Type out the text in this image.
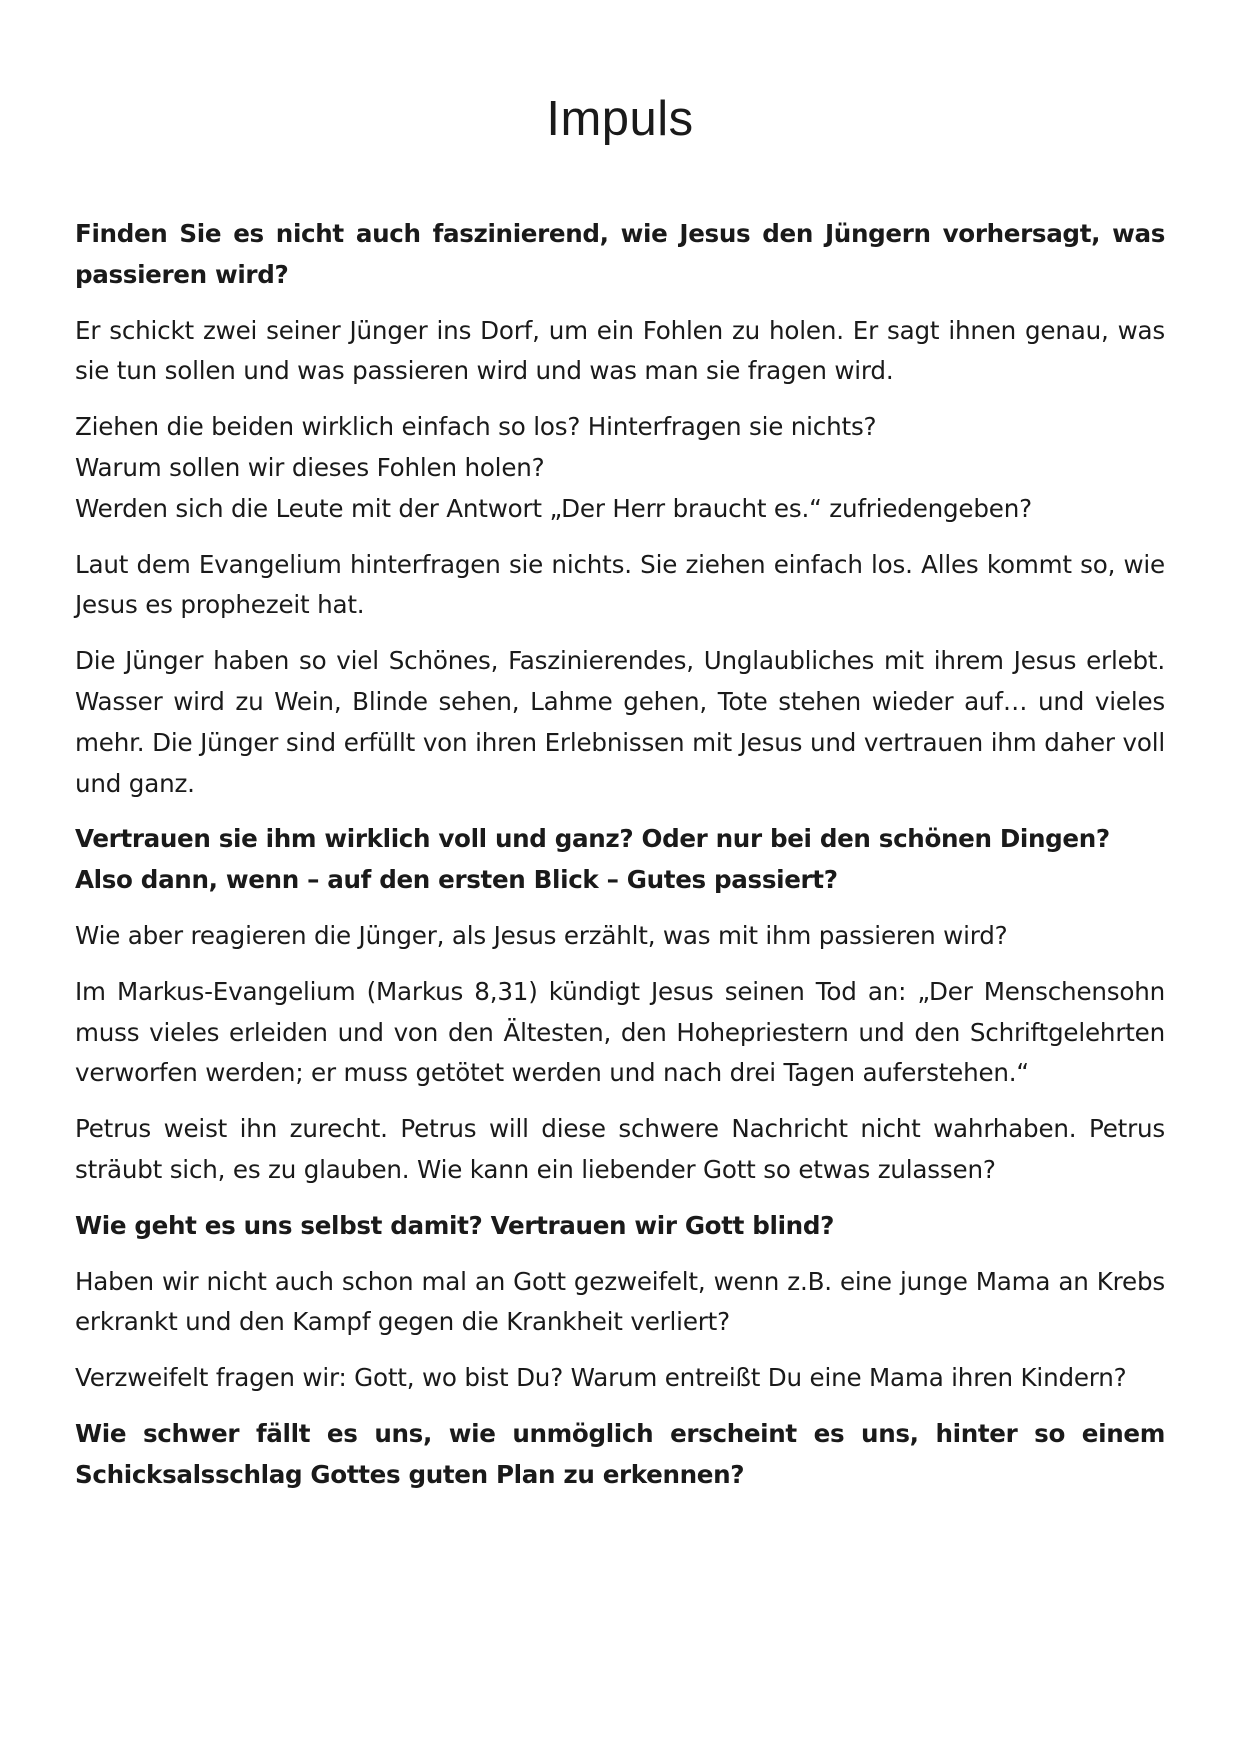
Impuls

Finden Sie es nicht auch faszinierend, wie Jesus den Jüngern vorhersagt, was passieren wird?

Er schickt zwei seiner Jünger ins Dorf, um ein Fohlen zu holen. Er sagt ihnen genau, was sie tun sollen und was passieren wird und was man sie fragen wird.

Ziehen die beiden wirklich einfach so los? Hinterfragen sie nichts?
Warum sollen wir dieses Fohlen holen?
Werden sich die Leute mit der Antwort „Der Herr braucht es.“ zufriedengeben?

Laut dem Evangelium hinterfragen sie nichts. Sie ziehen einfach los. Alles kommt so, wie Jesus es prophezeit hat.

Die Jünger haben so viel Schönes, Faszinierendes, Unglaubliches mit ihrem Jesus erlebt. Wasser wird zu Wein, Blinde sehen, Lahme gehen, Tote stehen wieder auf… und vieles mehr. Die Jünger sind erfüllt von ihren Erlebnissen mit Jesus und vertrauen ihm daher voll und ganz.

Vertrauen sie ihm wirklich voll und ganz? Oder nur bei den schönen Dingen?
Also dann, wenn – auf den ersten Blick – Gutes passiert?

Wie aber reagieren die Jünger, als Jesus erzählt, was mit ihm passieren wird?

Im Markus-Evangelium (Markus 8,31) kündigt Jesus seinen Tod an: „Der Menschensohn muss vieles erleiden und von den Ältesten, den Hohepriestern und den Schriftgelehrten verworfen werden; er muss getötet werden und nach drei Tagen auferstehen.“

Petrus weist ihn zurecht. Petrus will diese schwere Nachricht nicht wahrhaben. Petrus sträubt sich, es zu glauben. Wie kann ein liebender Gott so etwas zulassen?

Wie geht es uns selbst damit? Vertrauen wir Gott blind?

Haben wir nicht auch schon mal an Gott gezweifelt, wenn z.B. eine junge Mama an Krebs erkrankt und den Kampf gegen die Krankheit verliert?

Verzweifelt fragen wir: Gott, wo bist Du? Warum entreißt Du eine Mama ihren Kindern?

Wie schwer fällt es uns, wie unmöglich erscheint es uns, hinter so einem Schicksalsschlag Gottes guten Plan zu erkennen?
